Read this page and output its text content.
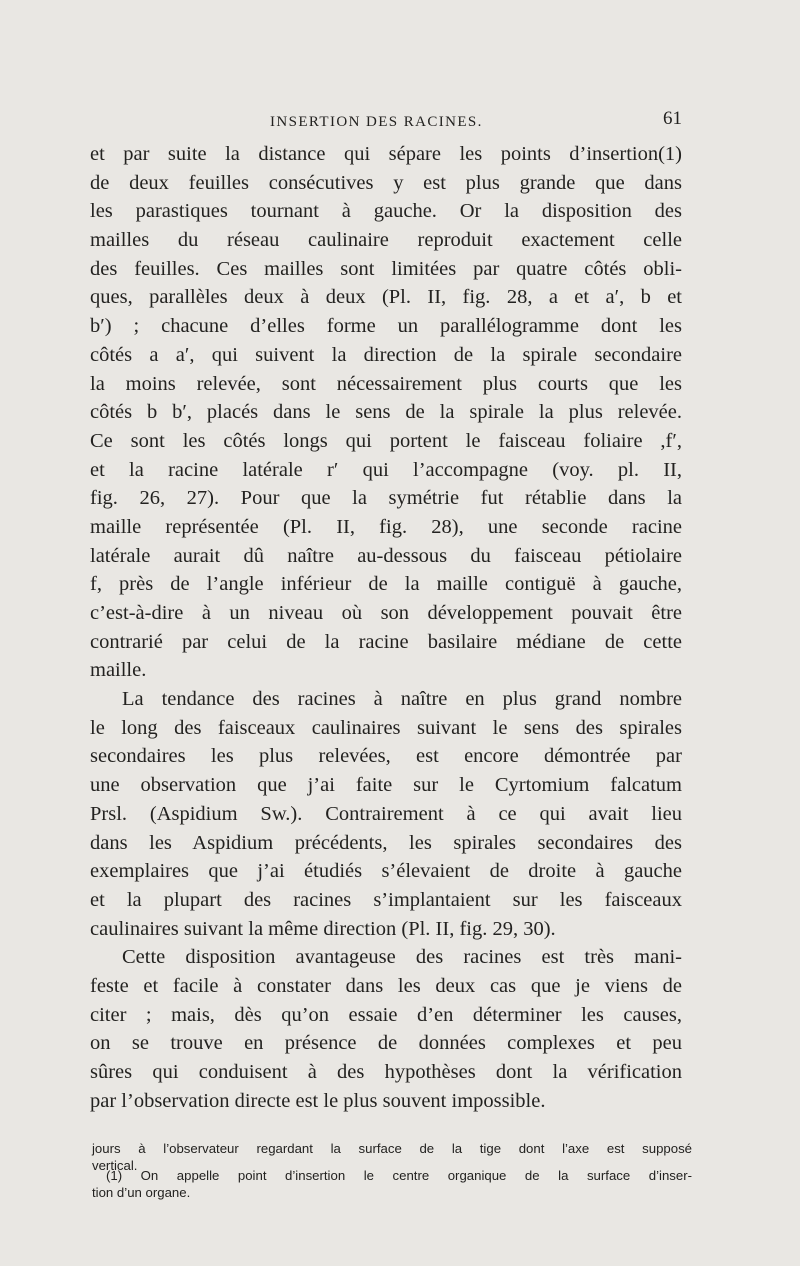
INSERTION DES RACINES.	61
et par suite la distance qui sépare les points d’insertion(1)
de deux feuilles consécutives y est plus grande que dans
les parastiques tournant à gauche. Or la disposition des
mailles du réseau caulinaire reproduit exactement celle
des feuilles. Ces mailles sont limitées par quatre côtés obli-
ques, parallèles deux à deux (Pl. II, fig. 28, a et a′, b et
b′) ; chacune d’elles forme un parallélogramme dont les
côtés a a′, qui suivent la direction de la spirale secondaire
la moins relevée, sont nécessairement plus courts que les
côtés b b′, placés dans le sens de la spirale la plus relevée.
Ce sont les côtés longs qui portent le faisceau foliaire ,f′,
et la racine latérale r′ qui l’accompagne (voy. pl. II,
fig. 26, 27). Pour que la symétrie fut rétablie dans la
maille représentée (Pl. II, fig. 28), une seconde racine
latérale aurait dû naître au-dessous du faisceau pétiolaire
f, près de l’angle inférieur de la maille contiguë à gauche,
c’est-à-dire à un niveau où son développement pouvait être
contrarié par celui de la racine basilaire médiane de cette
maille.
La tendance des racines à naître en plus grand nombre
le long des faisceaux caulinaires suivant le sens des spirales
secondaires les plus relevées, est encore démontrée par
une observation que j’ai faite sur le Cyrtomium falcatum
Prsl. (Aspidium Sw.). Contrairement à ce qui avait lieu
dans les Aspidium précédents, les spirales secondaires des
exemplaires que j’ai étudiés s’élevaient de droite à gauche
et la plupart des racines s’implantaient sur les faisceaux
caulinaires suivant la même direction (Pl. II, fig. 29, 30).
Cette disposition avantageuse des racines est très mani-
feste et facile à constater dans les deux cas que je viens de
citer ; mais, dès qu’on essaie d’en déterminer les causes,
on se trouve en présence de données complexes et peu
sûres qui conduisent à des hypothèses dont la vérification
par l’observation directe est le plus souvent impossible.
jours à l’observateur regardant la surface de la tige dont l’axe est supposé
vertical.
(1) On appelle point d’insertion le centre organique de la surface d’inser-
tion d’un organe.
